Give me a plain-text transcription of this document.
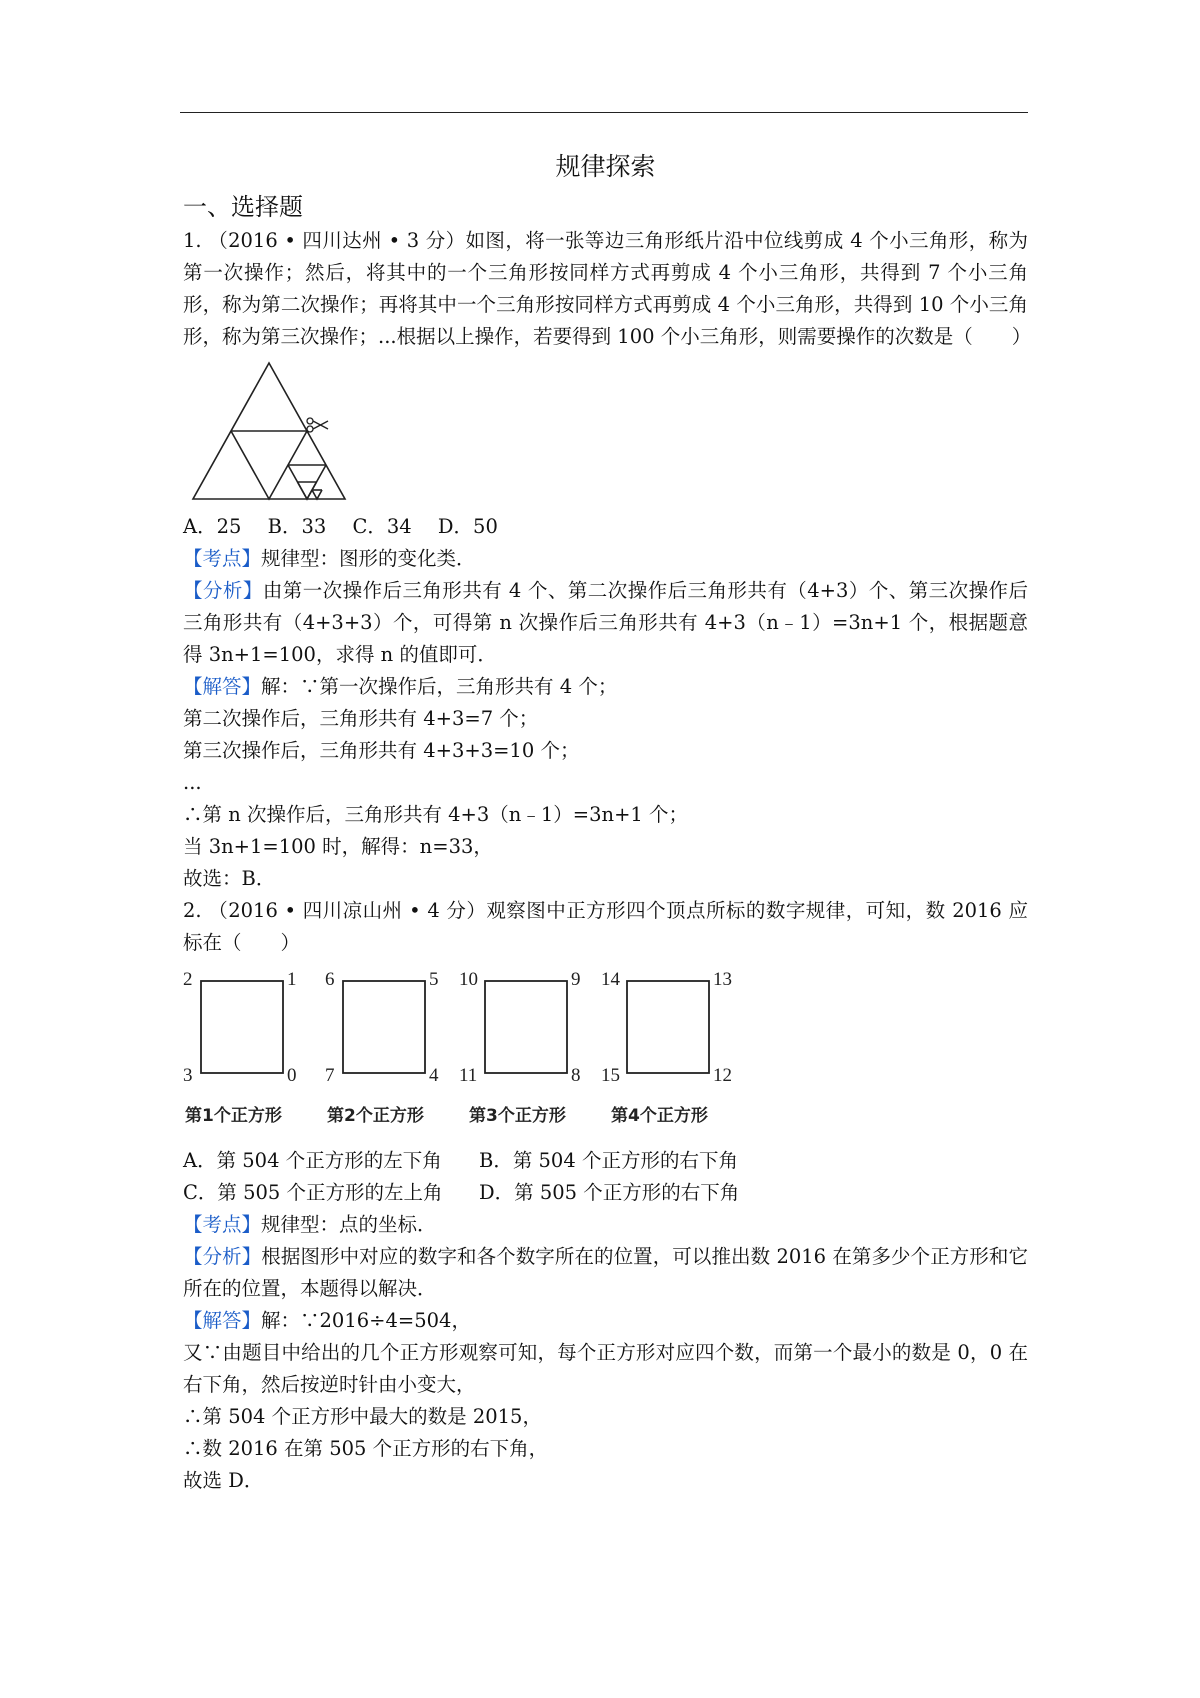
规律探索

一、选择题

1. （2016 • 四川达州 • 3 分）如图，将一张等边三角形纸片沿中位线剪成 4 个小三角形，称为第一次操作；然后，将其中的一个三角形按同样方式再剪成 4 个小三角形，共得到 7 个小三角形，称为第二次操作；再将其中一个三角形按同样方式再剪成 4 个小三角形，共得到 10 个小三角形，称为第三次操作；...根据以上操作，若要得到 100 个小三角形，则需要操作的次数是（　　）

A．25 B．33 C．34 D．50

【考点】规律型：图形的变化类．

【分析】由第一次操作后三角形共有 4 个、第二次操作后三角形共有（4+3）个、第三次操作后三角形共有（4+3+3）个，可得第 n 次操作后三角形共有 4+3（n﹣1）=3n+1 个，根据题意得 3n+1=100，求得 n 的值即可．

【解答】解：∵第一次操作后，三角形共有 4 个；

第二次操作后，三角形共有 4+3=7 个；
第三次操作后，三角形共有 4+3+3=10 个；
...
∴第 n 次操作后，三角形共有 4+3（n﹣1）=3n+1 个；
当 3n+1=100 时，解得：n=33，
故选：B．

2. （2016 • 四川凉山州 • 4 分）观察图中正方形四个顶点所标的数字规律，可知，数 2016 应标在（　　）

2	1
3	0
第1个正方形
6	5
7	4
第2个正方形
10	9
11	8
第3个正方形
14	13
15	12
第4个正方形
A．第 504 个正方形的左下角	B．第 504 个正方形的右下角
C．第 505 个正方形的左上角	D．第 505 个正方形的右下角

【考点】规律型：点的坐标．

【分析】根据图形中对应的数字和各个数字所在的位置，可以推出数 2016 在第多少个正方形和它所在的位置，本题得以解决．

【解答】解：∵2016÷4=504，

又∵由题目中给出的几个正方形观察可知，每个正方形对应四个数，而第一个最小的数是 0，0 在右下角，然后按逆时针由小变大，

∴第 504 个正方形中最大的数是 2015，
∴数 2016 在第 505 个正方形的右下角，
故选 D．
